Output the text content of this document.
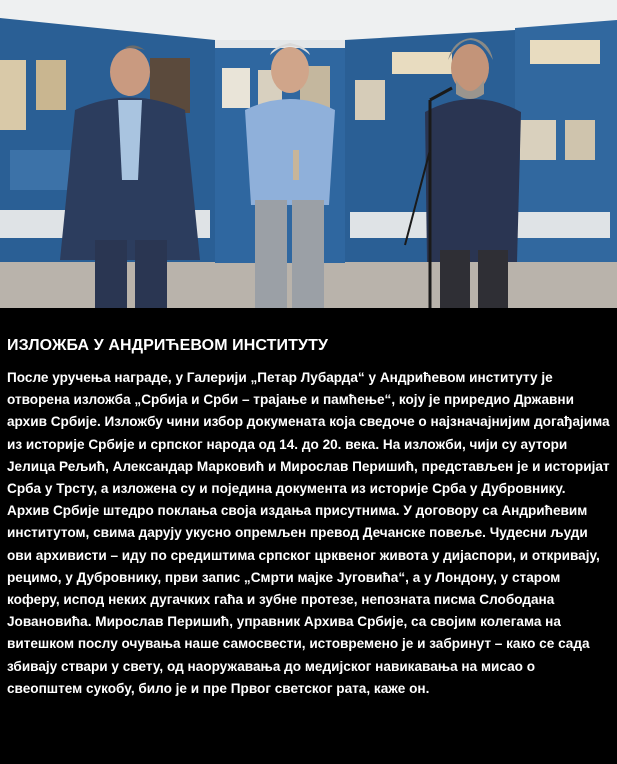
ИЗЛОЖБА У АНДРИЋЕВОМ ИНСТИТУТУ

После уручења награде, у Галерији „Петар Лубарда“ у Андрићевом институту је отворена изложба „Србија и Срби – трајање и памћење“, коју је приредио Државни архив Србије. Изложбу чини избор докумената која сведоче о најзначајнијим догађајима из историје Србије и српског народа од 14. до 20. века. На изложби, чији су аутори Јелица Рељић, Александар Марковић и Мирослав Перишић, представљен је и историјат Срба у Трсту, а изложена су и поједина документа из историје Срба у Дубровнику.

Архив Србије штедро поклања своја издања присутнима. У договору са Андрићевим институтом, свима дарују укусно опремљен превод Дечанске повеље. Чудесни људи ови архивисти – иду по средиштима српског црквеног живота у дијаспори, и откривају, рецимо, у Дубровнику, први запис „Смрти мајке Југовића“, а у Лондону, у старом коферу, испод неких дугачких гаћа и зубне протезе, непозната писма Слободана Јовановића. Мирослав Перишић, управник Архива Србије, са својим колегама на витешком послу очувања наше самосвести, истовремено је и забринут – како се сада збивају ствари у свету, од наоружавања до медијског навикавања на мисао о свеопштем сукобу, било је и пре Првог светског рата, каже он.
